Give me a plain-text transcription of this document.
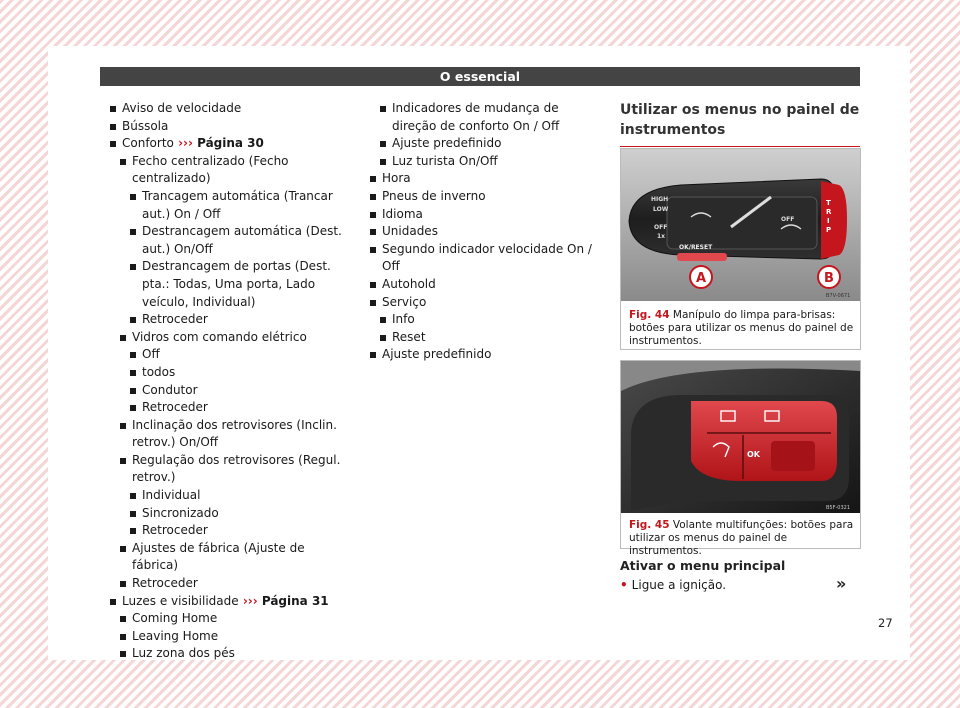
O essencial
Aviso de velocidade
Bússola
Conforto ››› Página 30
Fecho centralizado (Fecho centralizado)
Trancagem automática (Trancar aut.) On / Off
Destrancagem automática (Dest. aut.) On/Off
Destrancagem de portas (Dest. pta.: Todas, Uma porta, Lado veículo, Individual)
Retroceder
Vidros com comando elétrico
Off
todos
Condutor
Retroceder
Inclinação dos retrovisores (Inclin. retrov.) On/Off
Regulação dos retrovisores (Regul. retrov.)
Individual
Sincronizado
Retroceder
Ajustes de fábrica (Ajuste de fábrica)
Retroceder
Luzes e visibilidade ››› Página 31
Coming Home
Leaving Home
Luz zona dos pés
Indicadores de mudança de direção de conforto On / Off
Ajuste predefinido
Luz turista On/Off
Hora
Pneus de inverno
Idioma
Unidades
Segundo indicador velocidade On / Off
Autohold
Serviço
Info
Reset
Ajuste predefinido
Utilizar os menus no painel de instrumentos
T
R
I
P
HIGH
LOW
OFF
1x
OFF
OK/RESET
A	B
B7V-0671
Fig. 44 Manípulo do limpa para-brisas: botões para utilizar os menus do painel de instrumentos.
OK
B5F-0321
Fig. 45 Volante multifunções: botões para utilizar os menus do painel de instrumentos.
Ativar o menu principal
• Ligue a ignição.	»
27
